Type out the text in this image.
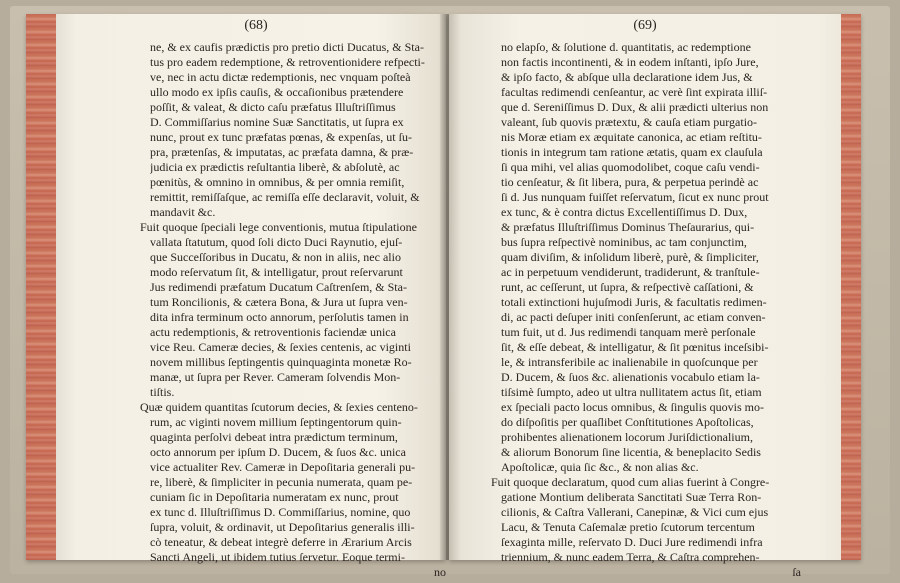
(68)
ne, & ex caufis prædictis pro pretio dicti Ducatus, & Sta-
tus pro eadem redemptione, & retroventionidere refpecti-
ve, nec in actu dictæ redemptionis, nec vnquam poſteà
ullo modo ex ipſis cauſis, & occaſionibus prætendere
poſſit, & valeat, & dicto caſu præfatus Illuſtriſſimus
D. Commiſſarius nomine Suæ Sanctitatis, ut ſupra ex
nunc, prout ex tunc præfatas pœnas, & expenſas, ut ſu-
pra, prætenſas, & imputatas, ac præfata damna, & præ-
judicia ex prædictis reſultantia liberè, & abſolutè, ac
pœnitùs, & omnino in omnibus, & per omnia remiſit,
remittit, remiſſaſque, ac remiſſa eſſe declaravit, voluit, &
mandavit &c.
Fuit quoque ſpeciali lege conventionis, mutua ſtipulatione
vallata ſtatutum, quod ſoli dicto Duci Raynutio, ejuſ-
que Succeſſoribus in Ducatu, & non in aliis, nec alio
modo reſervatum ſit, & intelligatur, prout reſervarunt
Jus redimendi præfatum Ducatum Caſtrenſem, & Sta-
tum Roncilionis, & cætera Bona, & Jura ut ſupra ven-
dita infra terminum octo annorum, perſolutis tamen in
actu redemptionis, & retroventionis faciendæ unica
vice Reu. Cameræ decies, & ſexies centenis, ac viginti
novem millibus ſeptingentis quinquaginta monetæ Ro-
manæ, ut ſupra per Rever. Cameram ſolvendis Mon-
tiſtis.
Quæ quidem quantitas ſcutorum decies, & ſexies centeno-
rum, ac viginti novem millium ſeptingentorum quin-
quaginta perſolvi debeat intra prædictum terminum,
octo annorum per ipſum D. Ducem, & ſuos &c. unica
vice actualiter Rev. Cameræ in Depoſitaria generali pu-
re, liberè, & ſimpliciter in pecunia numerata, quam pe-
cuniam ſic in Depoſitaria numeratam ex nunc, prout
ex tunc d. Illuſtriſſimus D. Commiſſarius, nomine, quo
ſupra, voluit, & ordinavit, ut Depoſitarius generalis illi-
cò teneatur, & debeat integrè deferre in Ærarium Arcis
Sancti Angeli, ut ibidem tutius ſervetur. Eoque termi-
no
(69)
no elapſo, & ſolutione d. quantitatis, ac redemptione
non factis incontinenti, & in eodem inſtanti, ipſo Jure,
& ipſo facto, & abſque ulla declaratione idem Jus, &
facultas redimendi cenſeantur, ac verè ſint expirata illiſ-
que d. Sereniſſimus D. Dux, & alii prædicti ulterius non
valeant, ſub quovis prætextu, & cauſa etiam purgatio-
nis Moræ etiam ex æquitate canonica, ac etiam reſtitu-
tionis in integrum tam ratione ætatis, quam ex clauſula
ſi qua mihi, vel alias quomodolibet, coque caſu vendi-
tio cenſeatur, & ſit libera, pura, & perpetua perindè ac
ſi d. Jus nunquam fuiſſet reſervatum, ſicut ex nunc prout
ex tunc, & è contra dictus Excellentiſſimus D. Dux,
& præfatus Illuſtriſſimus Dominus Theſaurarius, qui-
bus ſupra reſpectivè nominibus, ac tam conjunctim,
quam diviſim, & inſolidum liberè, purè, & ſimpliciter,
ac in perpetuum vendiderunt, tradiderunt, & tranſtule-
runt, ac ceſſerunt, ut ſupra, & reſpectivè caſſationi, &
totali extinctioni hujuſmodi Juris, & facultatis redimen-
di, ac pacti deſuper initi conſenſerunt, ac etiam conven-
tum fuit, ut d. Jus redimendi tanquam merè perſonale
ſit, & eſſe debeat, & intelligatur, & ſit pœnitus inceſsibi-
le, & intransferibile ac inalienabile in quoſcunque per
D. Ducem, & ſuos &c. alienationis vocabulo etiam la-
tiſsimè ſumpto, adeo ut ultra nullitatem actus ſit, etiam
ex ſpeciali pacto locus omnibus, & ſingulis quovis mo-
do diſpoſitis per quaſlibet Conſtitutiones Apoſtolicas,
prohibentes alienationem locorum Juriſdictionalium,
& aliorum Bonorum ſine licentia, & beneplacito Sedis
Apoſtolicæ, quia ſic &c., & non alias &c.
Fuit quoque declaratum, quod cum alias fuerint à Congre-
gatione Montium deliberata Sanctitati Suæ Terra Ron-
cilionis, & Caſtra Vallerani, Canepinæ, & Vici cum ejus
Lacu, & Tenuta Caſemalæ pretio ſcutorum tercentum
ſexaginta mille, reſervato D. Duci Jure redimendi infra
triennium, & nunc eadem Terra, & Caſtra comprehen-
ſa
